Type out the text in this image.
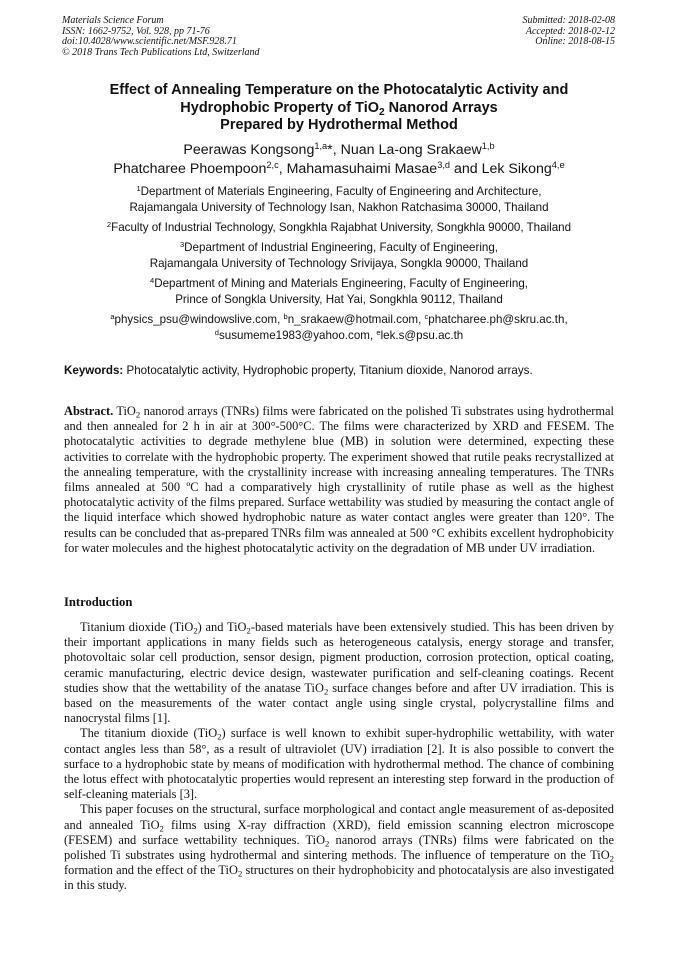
Materials Science Forum
ISSN: 1662-9752, Vol. 928, pp 71-76
doi:10.4028/www.scientific.net/MSF.928.71
© 2018 Trans Tech Publications Ltd, Switzerland
Submitted: 2018-02-08
Accepted: 2018-02-12
Online: 2018-08-15
Effect of Annealing Temperature on the Photocatalytic Activity and
Hydrophobic Property of TiO$_2$ Nanorod Arrays
Prepared by Hydrothermal Method
Peerawas Kongsong$^{1,a}$*, Nuan La-ong Srakaew$^{1,b}$
Phatcharee Phoempoon$^{2,c}$, Mahamasuhaimi Masae$^{3,d}$ and Lek Sikong$^{4,e}$
$^1$Department of Materials Engineering, Faculty of Engineering and Architecture,
Rajamangala University of Technology Isan, Nakhon Ratchasima 30000, Thailand
$^2$Faculty of Industrial Technology, Songkhla Rajabhat University, Songkhla 90000, Thailand
$^3$Department of Industrial Engineering, Faculty of Engineering,
Rajamangala University of Technology Srivijaya, Songkla 90000, Thailand
$^4$Department of Mining and Materials Engineering, Faculty of Engineering,
Prince of Songkla University, Hat Yai, Songkhla 90112, Thailand
$^a$physics_psu@windowslive.com, $^b$n_srakaew@hotmail.com, $^c$phatcharee.ph@skru.ac.th,
$^d$susumeme1983@yahoo.com, $^e$lek.s@psu.ac.th
Keywords: Photocatalytic activity, Hydrophobic property, Titanium dioxide, Nanorod arrays.
Abstract. TiO$_2$ nanorod arrays (TNRs) films were fabricated on the polished Ti substrates using hydrothermal and then annealed for 2 h in air at 300°-500°C. The films were characterized by XRD and FESEM. The photocatalytic activities to degrade methylene blue (MB) in solution were determined, expecting these activities to correlate with the hydrophobic property. The experiment showed that rutile peaks recrystallized at the annealing temperature, with the crystallinity increase with increasing annealing temperatures. The TNRs films annealed at 500 ºC had a comparatively high crystallinity of rutile phase as well as the highest photocatalytic activity of the films prepared. Surface wettability was studied by measuring the contact angle of the liquid interface which showed hydrophobic nature as water contact angles were greater than 120°. The results can be concluded that as-prepared TNRs film was annealed at 500 °C exhibits excellent hydrophobicity for water molecules and the highest photocatalytic activity on the degradation of MB under UV irradiation.
Introduction

Titanium dioxide (TiO$_2$) and TiO$_2$-based materials have been extensively studied. This has been driven by their important applications in many fields such as heterogeneous catalysis, energy storage and transfer, photovoltaic solar cell production, sensor design, pigment production, corrosion protection, optical coating, ceramic manufacturing, electric device design, wastewater purification and self-cleaning coatings. Recent studies show that the wettability of the anatase TiO$_2$ surface changes before and after UV irradiation. This is based on the measurements of the water contact angle using single crystal, polycrystalline films and nanocrystal films [1].

The titanium dioxide (TiO$_2$) surface is well known to exhibit super-hydrophilic wettability, with water contact angles less than 58°, as a result of ultraviolet (UV) irradiation [2]. It is also possible to convert the surface to a hydrophobic state by means of modification with hydrothermal method. The chance of combining the lotus effect with photocatalytic properties would represent an interesting step forward in the production of self-cleaning materials [3].

This paper focuses on the structural, surface morphological and contact angle measurement of as-deposited and annealed TiO$_2$ films using X-ray diffraction (XRD), field emission scanning electron microscope (FESEM) and surface wettability techniques. TiO$_2$ nanorod arrays (TNRs) films were fabricated on the polished Ti substrates using hydrothermal and sintering methods. The influence of temperature on the TiO$_2$ formation and the effect of the TiO$_2$ structures on their hydrophobicity and photocatalysis are also investigated in this study.
